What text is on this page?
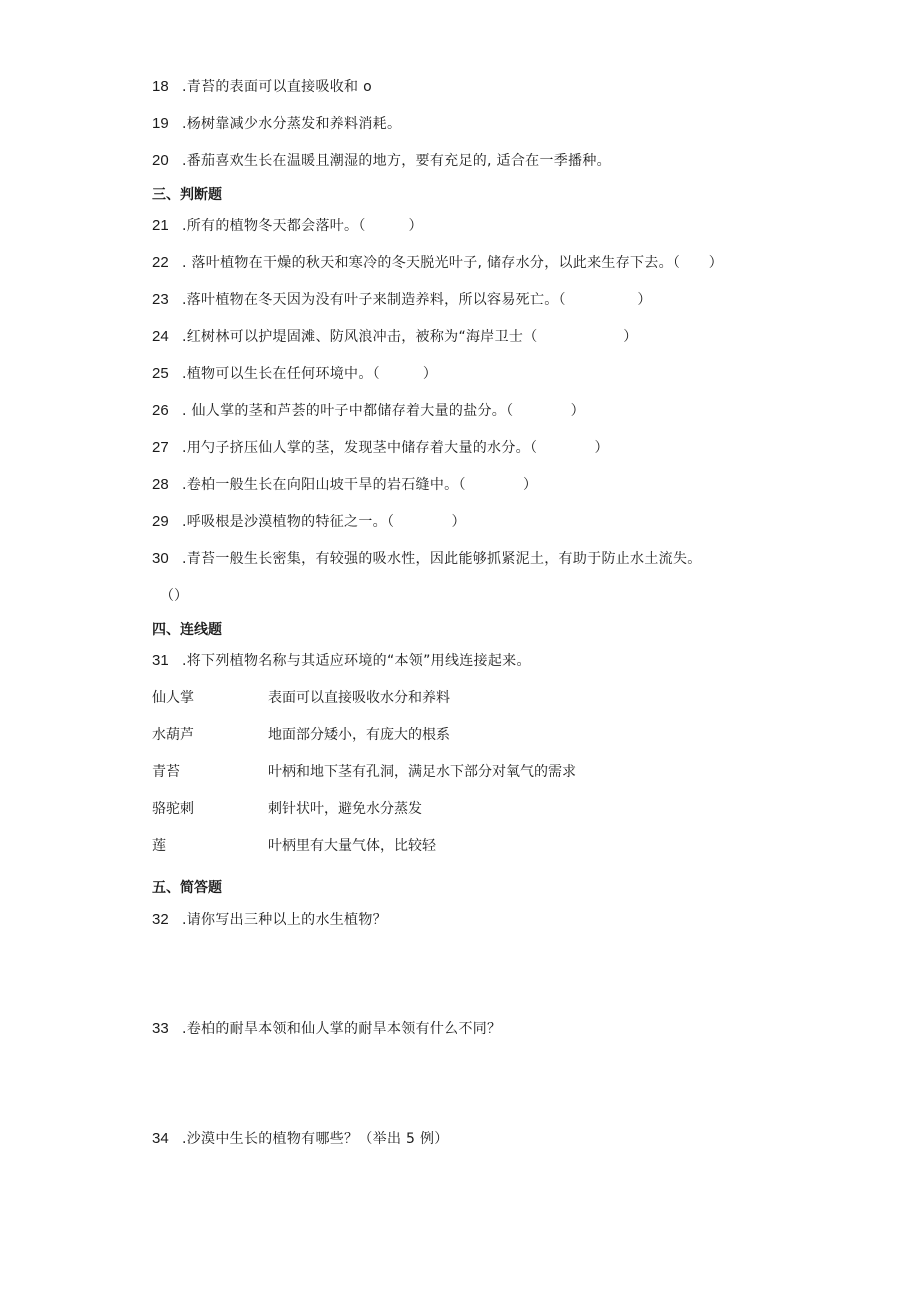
18 .青苔的表面可以直接吸收和 o
19 .杨树靠减少水分蒸发和养料消耗。
20 .番茄喜欢生长在温暖且潮湿的地方，要有充足的, 适合在一季播种。
三、判断题
21 .所有的植物冬天都会落叶。（　　　）
22 . 落叶植物在干燥的秋天和寒冷的冬天脱光叶子, 储存水分，以此来生存下去。（　　）
23 .落叶植物在冬天因为没有叶子来制造养料，所以容易死亡。（　　　　　）
24 .红树林可以护堤固滩、防风浪冲击，被称为“海岸卫士（　　　　　　）
25 .植物可以生长在任何环境中。（　　　）
26 . 仙人掌的茎和芦荟的叶子中都储存着大量的盐分。（　　　　）
27 .用勺子挤压仙人掌的茎，发现茎中储存着大量的水分。（　　　　）
28 .卷柏一般生长在向阳山坡干旱的岩石缝中。（　　　　）
29 .呼吸根是沙漠植物的特征之一。（　　　　）
30 .青苔一般生长密集，有较强的吸水性，因此能够抓紧泥土，有助于防止水土流失。
（）
四、连线题
31 .将下列植物名称与其适应环境的“本领”用线连接起来。
仙人掌	表面可以直接吸收水分和养料
水葫芦	地面部分矮小，有庞大的根系
青苔	叶柄和地下茎有孔洞，满足水下部分对氧气的需求
骆驼刺	刺针状叶，避免水分蒸发
莲	叶柄里有大量气体，比较轻
五、简答题
32 .请你写出三种以上的水生植物？
33 .卷柏的耐旱本领和仙人掌的耐旱本领有什么不同？
34 .沙漠中生长的植物有哪些？（举出 5 例）
